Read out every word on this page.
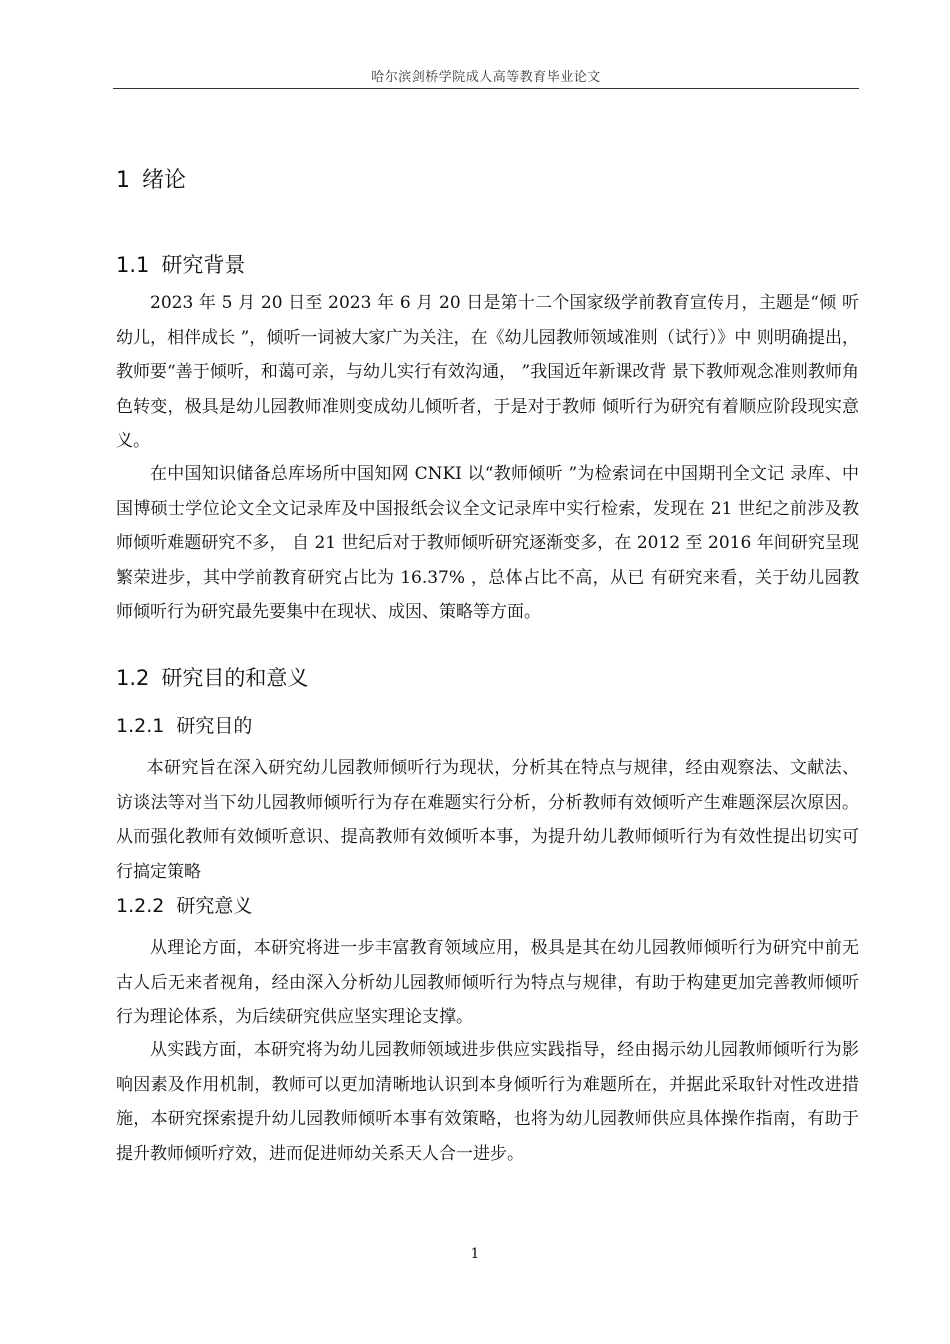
哈尔滨剑桥学院成人高等教育毕业论文
1 绪论
1.1 研究背景

2023 年 5 月 20 日至 2023 年 6 月 20 日是第十二个国家级学前教育宣传月，主题是“倾 听幼儿，相伴成长 ”，倾听一词被大家广为关注，在《幼儿园教师领域准则（试行）》中 则明确提出，教师要“善于倾听，和蔼可亲，与幼儿实行有效沟通， ”我国近年新课改背 景下教师观念准则教师角色转变，极具是幼儿园教师准则变成幼儿倾听者，于是对于教师 倾听行为研究有着顺应阶段现实意义。

在中国知识储备总库场所中国知网 CNKI 以“教师倾听 ”为检索词在中国期刊全文记 录库、中国博硕士学位论文全文记录库及中国报纸会议全文记录库中实行检索，发现在 21 世纪之前涉及教师倾听难题研究不多， 自 21 世纪后对于教师倾听研究逐渐变多，在 2012 至 2016 年间研究呈现繁荣进步，其中学前教育研究占比为 16.37% ，总体占比不高，从已 有研究来看，关于幼儿园教师倾听行为研究最先要集中在现状、成因、策略等方面。

1.2 研究目的和意义
1.2.1 研究目的

本研究旨在深入研究幼儿园教师倾听行为现状，分析其在特点与规律，经由观察法、文献法、访谈法等对当下幼儿园教师倾听行为存在难题实行分析，分析教师有效倾听产生难题深层次原因。从而强化教师有效倾听意识、提高教师有效倾听本事，为提升幼儿教师倾听行为有效性提出切实可行搞定策略

1.2.2 研究意义

从理论方面，本研究将进一步丰富教育领域应用，极具是其在幼儿园教师倾听行为研究中前无古人后无来者视角，经由深入分析幼儿园教师倾听行为特点与规律，有助于构建更加完善教师倾听行为理论体系，为后续研究供应坚实理论支撑。

从实践方面，本研究将为幼儿园教师领域进步供应实践指导，经由揭示幼儿园教师倾听行为影响因素及作用机制，教师可以更加清晰地认识到本身倾听行为难题所在，并据此采取针对性改进措施，本研究探索提升幼儿园教师倾听本事有效策略，也将为幼儿园教师供应具体操作指南，有助于提升教师倾听疗效，进而促进师幼关系天人合一进步。

1
